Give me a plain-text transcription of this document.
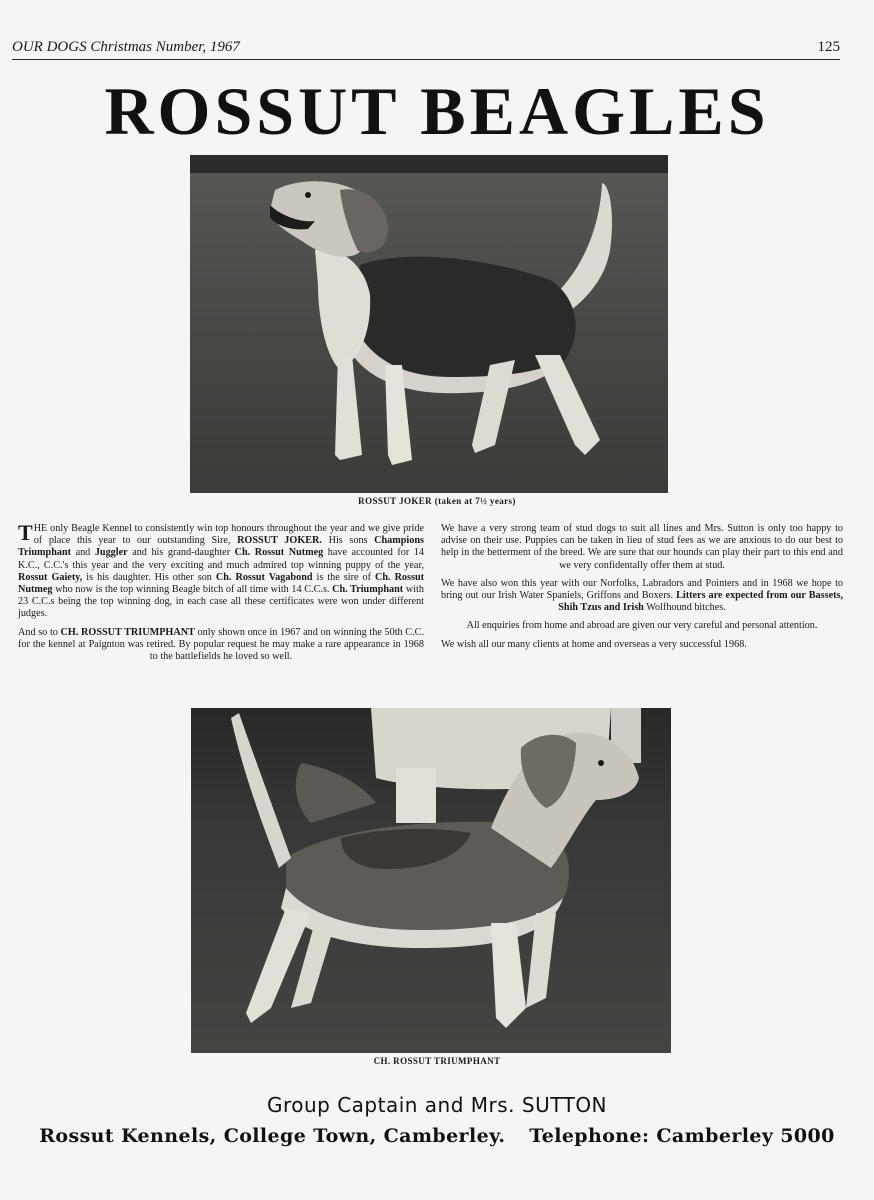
OUR DOGS Christmas Number, 1967	125
ROSSUT BEAGLES
ROSSUT JOKER (taken at 7½ years)

THE only Beagle Kennel to consistently win top honours throughout the year and we give pride of place this year to our outstanding Sire, ROSSUT JOKER. His sons Champions Triumphant and Juggler and his grand-daughter Ch. Rossut Nutmeg have accounted for 14 K.C., C.C.'s this year and the very exciting and much admired top winning puppy of the year, Rossut Gaiety, is his daughter. His other son Ch. Rossut Vagabond is the sire of Ch. Rossut Nutmeg who now is the top winning Beagle bitch of all time with 14 C.C.s. Ch. Triumphant with 23 C.C.s being the top winning dog, in each case all these certificates were won under different judges.

And so to CH. ROSSUT TRIUMPHANT only shown once in 1967 and on winning the 50th C.C. for the kennel at Paignton was retired. By popular request he may make a rare appearance in 1968 to the battlefields he loved so well.

We have a very strong team of stud dogs to suit all lines and Mrs. Sutton is only too happy to advise on their use. Puppies can be taken in lieu of stud fees as we are anxious to do our best to help in the betterment of the breed. We are sure that our hounds can play their part to this end and we very confidentally offer them at stud.

We have also won this year with our Norfolks, Labradors and Pointers and in 1968 we hope to bring out our Irish Water Spaniels, Griffons and Boxers. Litters are expected from our Bassets, Shih Tzus and Irish Wolfhound bitches.

All enquiries from home and abroad are given our very careful and personal attention.

We wish all our many clients at home and overseas a very successful 1968.

CH. ROSSUT TRIUMPHANT
Group Captain and Mrs. SUTTON
Rossut Kennels, College Town, Camberley. Telephone: Camberley 5000
